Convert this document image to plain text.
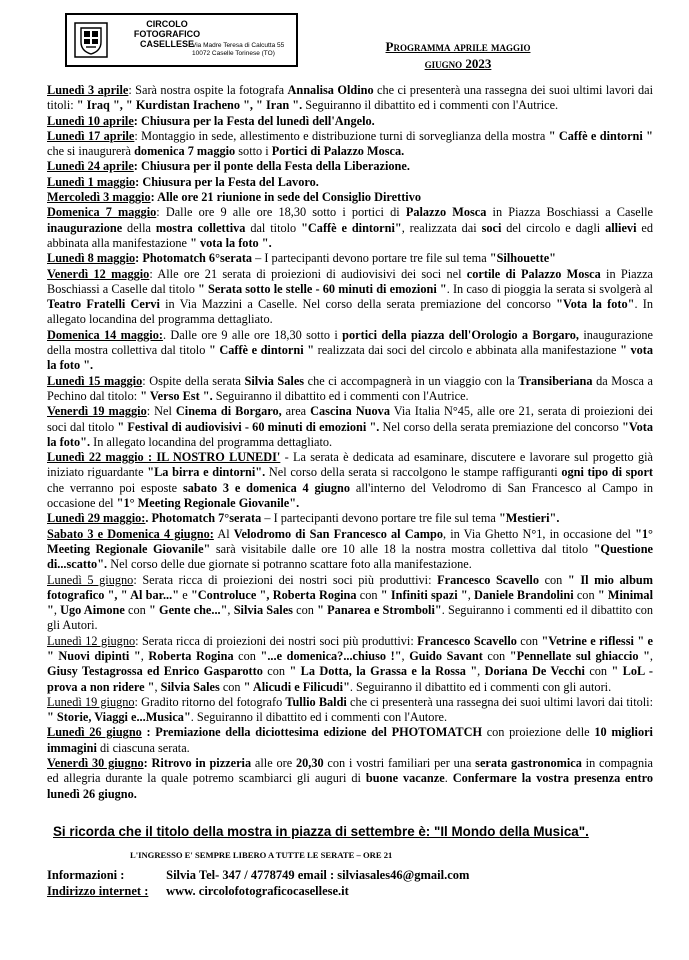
CIRCOLO
FOTOGRAFICO
CASELLESE
Via Madre Teresa di Calcutta 55
10072 Caselle Torinese (TO)	Programma aprile maggio
giugno 2023
Lunedì 3 aprile: Sarà nostra ospite la fotografa Annalisa Oldino che ci presenterà una rassegna dei suoi ultimi lavori dai titoli: " Iraq ", " Kurdistan Iracheno ", " Iran ". Seguiranno il dibattito ed i commenti con l'Autrice.
Lunedì 10 aprile: Chiusura per la Festa del lunedì dell'Angelo.
Lunedì 17 aprile: Montaggio in sede, allestimento e distribuzione turni di sorveglianza della mostra " Caffè e dintorni " che si inaugurerà domenica 7 maggio sotto i Portici di Palazzo Mosca.
Lunedì 24 aprile: Chiusura per il ponte della Festa della Liberazione.
Lunedì 1 maggio: Chiusura per la Festa del Lavoro.
Mercoledì 3 maggio: Alle ore 21 riunione in sede del Consiglio Direttivo
Domenica 7 maggio: Dalle ore 9 alle ore 18,30 sotto i portici di Palazzo Mosca in Piazza Boschiassi a Caselle inaugurazione della mostra collettiva dal titolo "Caffè e dintorni", realizzata dai soci del circolo e dagli allievi ed abbinata alla manifestazione " vota la foto ".
Lunedì 8 maggio: Photomatch 6°serata – I partecipanti devono portare tre file sul tema "Silhouette"
Venerdì 12 maggio: Alle ore 21 serata di proiezioni di audiovisivi dei soci nel cortile di Palazzo Mosca in Piazza Boschiassi a Caselle dal titolo " Serata sotto le stelle - 60 minuti di emozioni ". In caso di pioggia la serata si svolgerà al Teatro Fratelli Cervi in Via Mazzini a Caselle. Nel corso della serata premiazione del concorso "Vota la foto". In allegato locandina del programma dettagliato.
Domenica 14 maggio:. Dalle ore 9 alle ore 18,30 sotto i portici della piazza dell'Orologio a Borgaro, inaugurazione della mostra collettiva dal titolo " Caffè e dintorni " realizzata dai soci del circolo e abbinata alla manifestazione " vota la foto ".
Lunedì 15 maggio: Ospite della serata Silvia Sales che ci accompagnerà in un viaggio con la Transiberiana da Mosca a Pechino dal titolo: " Verso Est ". Seguiranno il dibattito ed i commenti con l'Autrice.
Venerdì 19 maggio: Nel Cinema di Borgaro, area Cascina Nuova Via Italia N°45, alle ore 21, serata di proiezioni dei soci dal titolo " Festival di audiovisivi - 60 minuti di emozioni ". Nel corso della serata premiazione del concorso "Vota la foto". In allegato locandina del programma dettagliato.
Lunedì 22 maggio : IL NOSTRO LUNEDI' - La serata è dedicata ad esaminare, discutere e lavorare sul progetto già iniziato riguardante "La birra e dintorni". Nel corso della serata si raccolgono le stampe raffiguranti ogni tipo di sport che verranno poi esposte sabato 3 e domenica 4 giugno all'interno del Velodromo di San Francesco al Campo in occasione del "1° Meeting Regionale Giovanile".
Lunedì 29 maggio:. Photomatch 7°serata – I partecipanti devono portare tre file sul tema "Mestieri".
Sabato 3 e Domenica 4 giugno: Al Velodromo di San Francesco al Campo, in Via Ghetto N°1, in occasione del "1° Meeting Regionale Giovanile" sarà visitabile dalle ore 10 alle 18 la nostra mostra collettiva dal titolo "Questione di...scatto". Nel corso delle due giornate si potranno scattare foto alla manifestazione.
Lunedì 5 giugno: Serata ricca di proiezioni dei nostri soci più produttivi: Francesco Scavello con " Il mio album fotografico ", " Al bar..." e "Controluce ", Roberta Rogina con " Infiniti spazi ", Daniele Brandolini con " Minimal ", Ugo Aimone con " Gente che...", Silvia Sales con " Panarea e Stromboli". Seguiranno i commenti ed il dibattito con gli Autori.
Lunedì 12 giugno: Serata ricca di proiezioni dei nostri soci più produttivi: Francesco Scavello con "Vetrine e riflessi " e " Nuovi dipinti ", Roberta Rogina con "...e domenica?...chiuso !", Guido Savant con "Pennellate sul ghiaccio ", Giusy Testagrossa ed Enrico Gasparotto con " La Dotta, la Grassa e la Rossa ", Doriana De Vecchi con " LoL - prova a non ridere ", Silvia Sales con " Alicudi e Filicudi". Seguiranno il dibattito ed i commenti con gli autori.
Lunedì 19 giugno: Gradito ritorno del fotografo Tullio Baldi che ci presenterà una rassegna dei suoi ultimi lavori dai titoli: " Storie, Viaggi e...Musica". Seguiranno il dibattito ed i commenti con l'Autore.
Lunedì 26 giugno : Premiazione della diciottesima edizione del PHOTOMATCH con proiezione delle 10 migliori immagini di ciascuna serata.
Venerdì 30 giugno: Ritrovo in pizzeria alle ore 20,30 con i vostri familiari per una serata gastronomica in compagnia ed allegria durante la quale potremo scambiarci gli auguri di buone vacanze. Confermare la vostra presenza entro lunedì 26 giugno.
Si ricorda che il titolo della mostra in piazza di settembre è: "Il Mondo della Musica".
L'INGRESSO E' SEMPRE LIBERO A TUTTE LE SERATE – ORE 21
Informazioni :	Silvia Tel- 347 / 4778749 email : silviasales46@gmail.com
Indirizzo internet : www. circolofotograficocasellese.it
